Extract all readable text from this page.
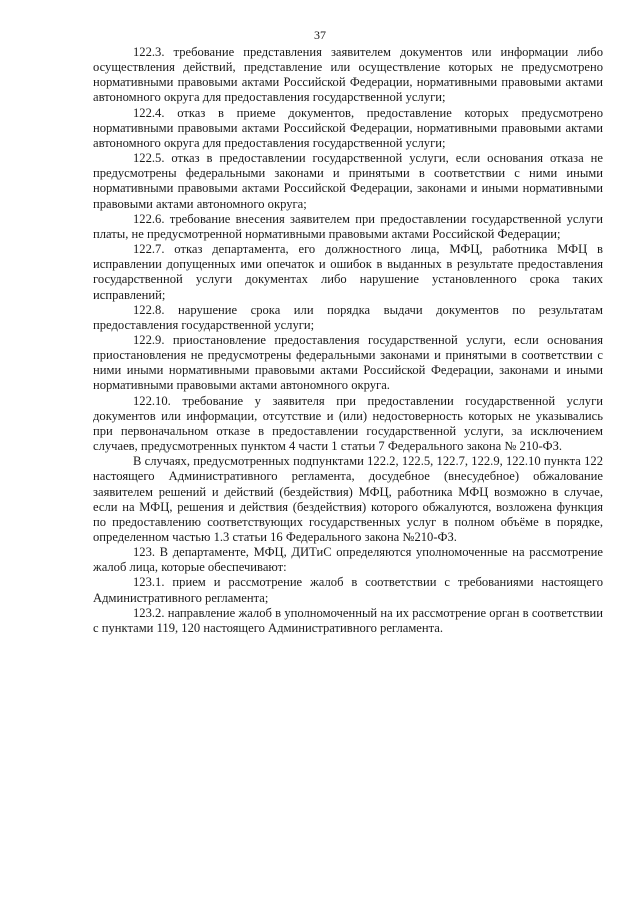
37

122.3. требование представления заявителем документов или информации либо осуществления действий, представление или осуществление которых не предусмотрено нормативными правовыми актами Российской Федерации, нормативными правовыми актами автономного округа для предоставления государственной услуги;

122.4. отказ в приеме документов, предоставление которых предусмотрено нормативными правовыми актами Российской Федерации, нормативными правовыми актами автономного округа для предоставления государственной услуги;

122.5. отказ в предоставлении государственной услуги, если основания отказа не предусмотрены федеральными законами и принятыми в соответствии с ними иными нормативными правовыми актами Российской Федерации, законами и иными нормативными правовыми актами автономного округа;

122.6. требование внесения заявителем при предоставлении государственной услуги платы, не предусмотренной нормативными правовыми актами Российской Федерации;

122.7. отказ департамента, его должностного лица, МФЦ, работника МФЦ в исправлении допущенных ими опечаток и ошибок в выданных в результате предоставления государственной услуги документах либо нарушение установленного срока таких исправлений;

122.8. нарушение срока или порядка выдачи документов по результатам предоставления государственной услуги;

122.9. приостановление предоставления государственной услуги, если основания приостановления не предусмотрены федеральными законами и принятыми в соответствии с ними иными нормативными правовыми актами Российской Федерации, законами и иными нормативными правовыми актами автономного округа.

122.10. требование у заявителя при предоставлении государственной услуги документов или информации, отсутствие и (или) недостоверность которых не указывались при первоначальном отказе в предоставлении государственной услуги, за исключением случаев, предусмотренных пунктом 4 части 1 статьи 7 Федерального закона № 210-ФЗ.

В случаях, предусмотренных подпунктами 122.2, 122.5, 122.7, 122.9, 122.10 пункта 122 настоящего Административного регламента, досудебное (внесудебное) обжалование заявителем решений и действий (бездействия) МФЦ, работника МФЦ возможно в случае, если на МФЦ, решения и действия (бездействия) которого обжалуются, возложена функция по предоставлению соответствующих государственных услуг в полном объёме в порядке, определенном частью 1.3 статьи 16 Федерального закона №210-ФЗ.

123. В департаменте, МФЦ, ДИТиС определяются уполномоченные на рассмотрение жалоб лица, которые обеспечивают:

123.1. прием и рассмотрение жалоб в соответствии с требованиями настоящего Административного регламента;

123.2. направление жалоб в уполномоченный на их рассмотрение орган в соответствии с пунктами 119, 120 настоящего Административного регламента.
